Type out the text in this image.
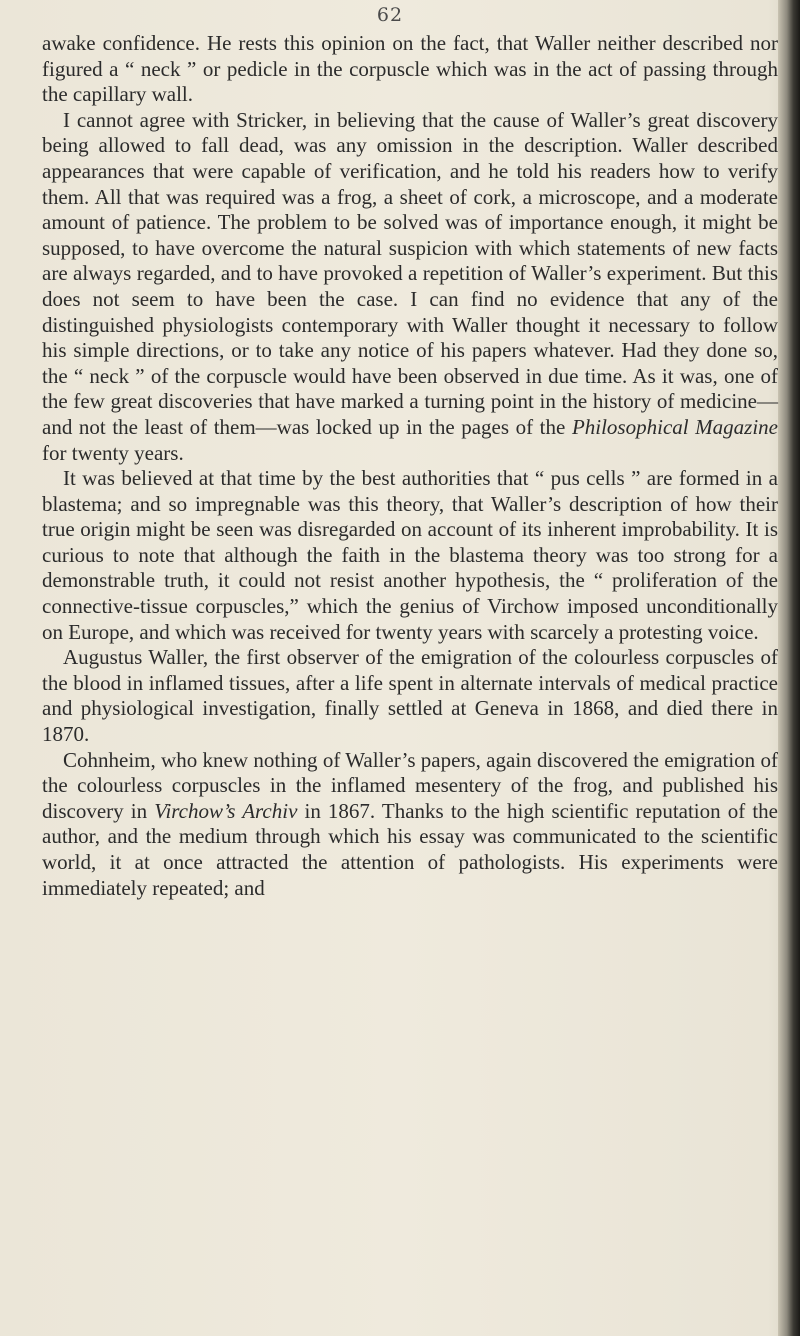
62

awake confidence. He rests this opinion on the fact, that Waller neither described nor figured a “ neck ” or pedicle in the corpuscle which was in the act of passing through the capillary wall.

I cannot agree with Stricker, in believing that the cause of Waller’s great discovery being allowed to fall dead, was any omission in the description. Waller described appearances that were capable of verification, and he told his readers how to verify them. All that was required was a frog, a sheet of cork, a microscope, and a moderate amount of patience. The problem to be solved was of importance enough, it might be supposed, to have overcome the natural suspicion with which statements of new facts are always regarded, and to have provoked a repetition of Waller’s experiment. But this does not seem to have been the case. I can find no evidence that any of the distinguished physiologists contemporary with Waller thought it necessary to follow his simple directions, or to take any notice of his papers whatever. Had they done so, the “ neck ” of the corpuscle would have been observed in due time. As it was, one of the few great discoveries that have marked a turning point in the history of medicine—and not the least of them—was locked up in the pages of the Philosophical Magazine for twenty years.

It was believed at that time by the best authorities that “ pus cells ” are formed in a blastema; and so impregnable was this theory, that Waller’s description of how their true origin might be seen was disregarded on account of its inherent improbability. It is curious to note that although the faith in the blastema theory was too strong for a demonstrable truth, it could not resist another hypothesis, the “ proliferation of the connective-tissue corpuscles,” which the genius of Virchow imposed unconditionally on Europe, and which was received for twenty years with scarcely a protesting voice.

Augustus Waller, the first observer of the emigration of the colourless corpuscles of the blood in inflamed tissues, after a life spent in alternate intervals of medical practice and physiological investigation, finally settled at Geneva in 1868, and died there in 1870.

Cohnheim, who knew nothing of Waller’s papers, again discovered the emigration of the colourless corpuscles in the inflamed mesentery of the frog, and published his discovery in Virchow’s Archiv in 1867. Thanks to the high scientific reputation of the author, and the medium through which his essay was communicated to the scientific world, it at once attracted the attention of pathologists. His experiments were immediately repeated; and
